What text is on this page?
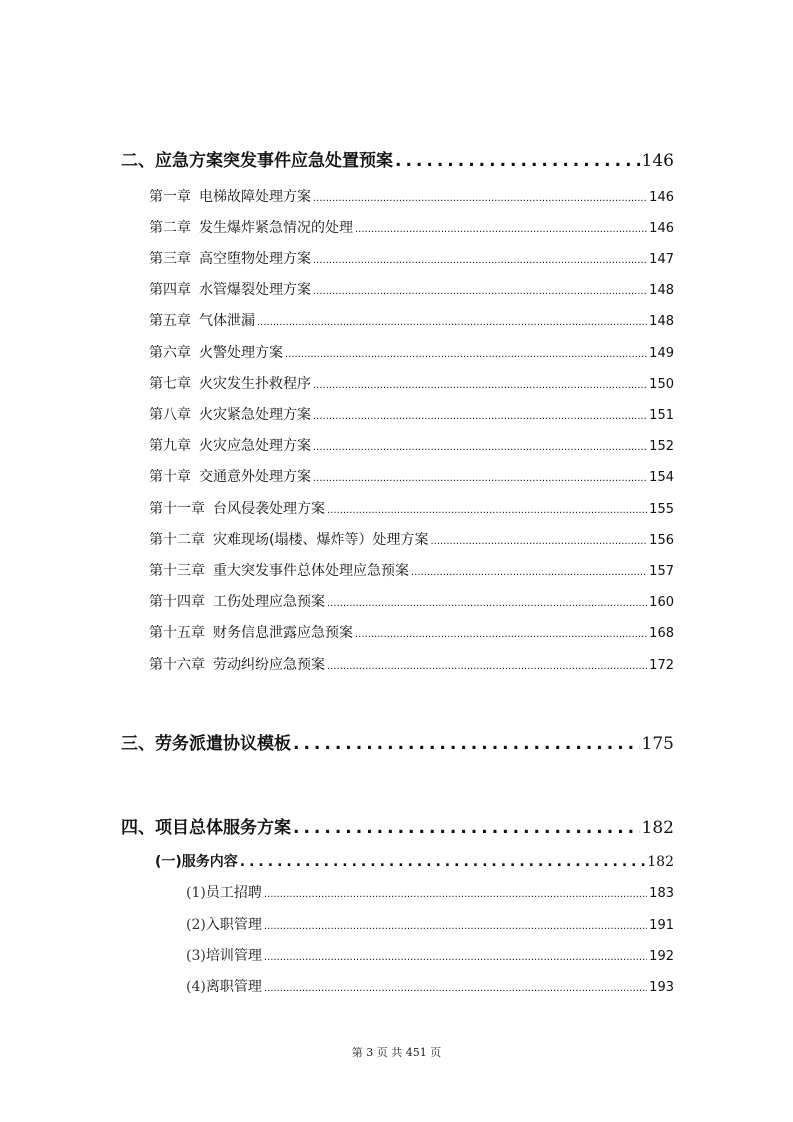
二、 应急方案突发事件应急处置预案 .....	146
第一章 电梯故障处理方案 .....	146
第二章 发生爆炸紧急情况的处理 .....	146
第三章 高空堕物处理方案 .....	147
第四章 水管爆裂处理方案 .....	148
第五章 气体泄漏 .....	148
第六章 火警处理方案 .....	149
第七章 火灾发生扑救程序 .....	150
第八章 火灾紧急处理方案 .....	151
第九章 火灾应急处理方案 .....	152
第十章 交通意外处理方案 .....	154
第十一章 台风侵袭处理方案 .....	155
第十二章 灾难现场(塌楼、爆炸等）处理方案 .....	156
第十三章 重大突发事件总体处理应急预案 .....	157
第十四章 工伤处理应急预案 .....	160
第十五章 财务信息泄露应急预案 .....	168
第十六章 劳动纠纷应急预案 .....	172
三、 劳务派遣协议模板 .....	175
四、 项目总体服务方案 .....	182
(一) 服务内容 .....	182
(1) 员工招聘 .....	183
(2) 入职管理 .....	191
(3) 培训管理 .....	192
(4) 离职管理 .....	193
第 3 页 共 451 页
